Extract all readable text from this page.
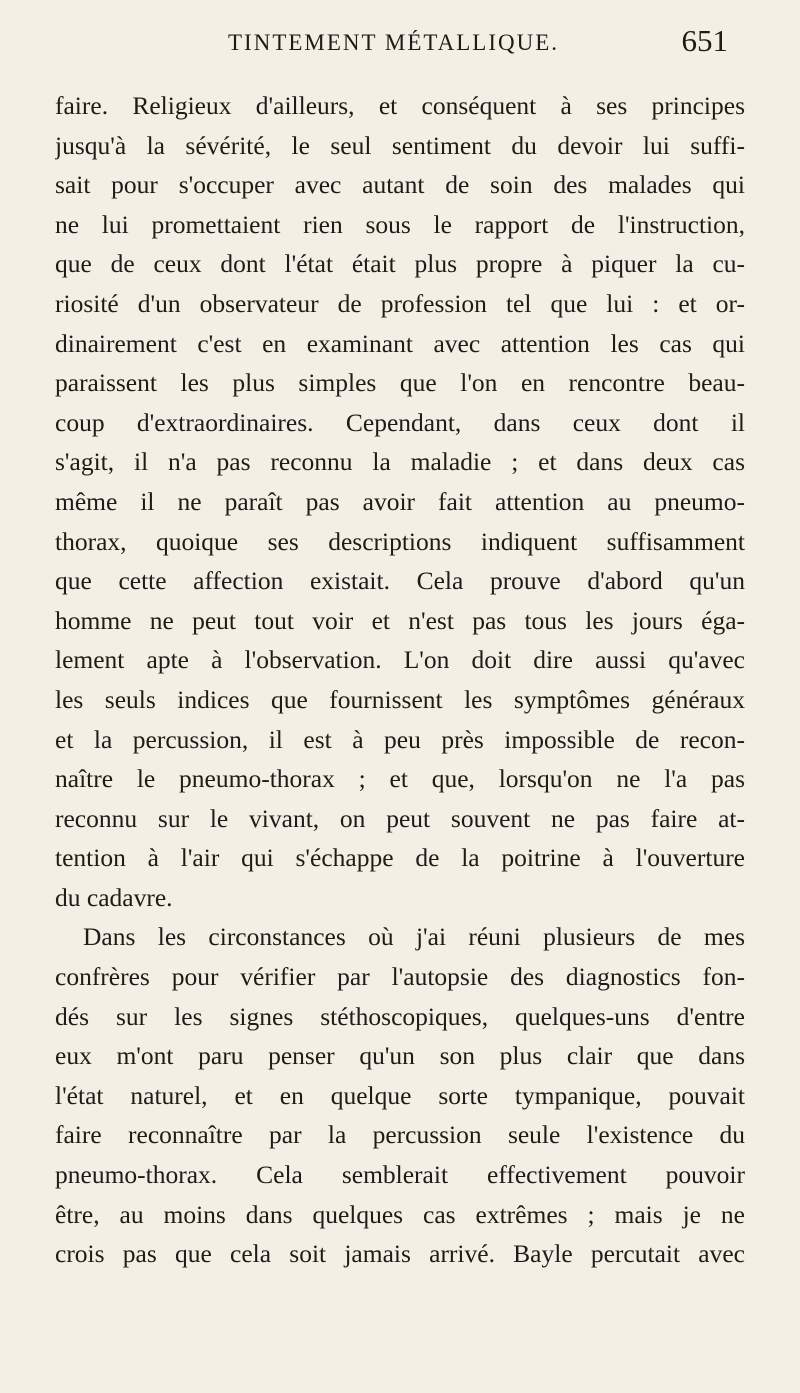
TINTEMENT MÉTALLIQUE.	651
faire. Religieux d'ailleurs, et conséquent à ses principes
jusqu'à la sévérité, le seul sentiment du devoir lui suffi-
sait pour s'occuper avec autant de soin des malades qui
ne lui promettaient rien sous le rapport de l'instruction,
que de ceux dont l'état était plus propre à piquer la cu-
riosité d'un observateur de profession tel que lui : et or-
dinairement c'est en examinant avec attention les cas qui
paraissent les plus simples que l'on en rencontre beau-
coup d'extraordinaires. Cependant, dans ceux dont il
s'agit, il n'a pas reconnu la maladie ; et dans deux cas
même il ne paraît pas avoir fait attention au pneumo-
thorax, quoique ses descriptions indiquent suffisamment
que cette affection existait. Cela prouve d'abord qu'un
homme ne peut tout voir et n'est pas tous les jours éga-
lement apte à l'observation. L'on doit dire aussi qu'avec
les seuls indices que fournissent les symptômes généraux
et la percussion, il est à peu près impossible de recon-
naître le pneumo-thorax ; et que, lorsqu'on ne l'a pas
reconnu sur le vivant, on peut souvent ne pas faire at-
tention à l'air qui s'échappe de la poitrine à l'ouverture
du cadavre.
Dans les circonstances où j'ai réuni plusieurs de mes
confrères pour vérifier par l'autopsie des diagnostics fon-
dés sur les signes stéthoscopiques, quelques-uns d'entre
eux m'ont paru penser qu'un son plus clair que dans
l'état naturel, et en quelque sorte tympanique, pouvait
faire reconnaître par la percussion seule l'existence du
pneumo-thorax. Cela semblerait effectivement pouvoir
être, au moins dans quelques cas extrêmes ; mais je ne
crois pas que cela soit jamais arrivé. Bayle percutait avec
